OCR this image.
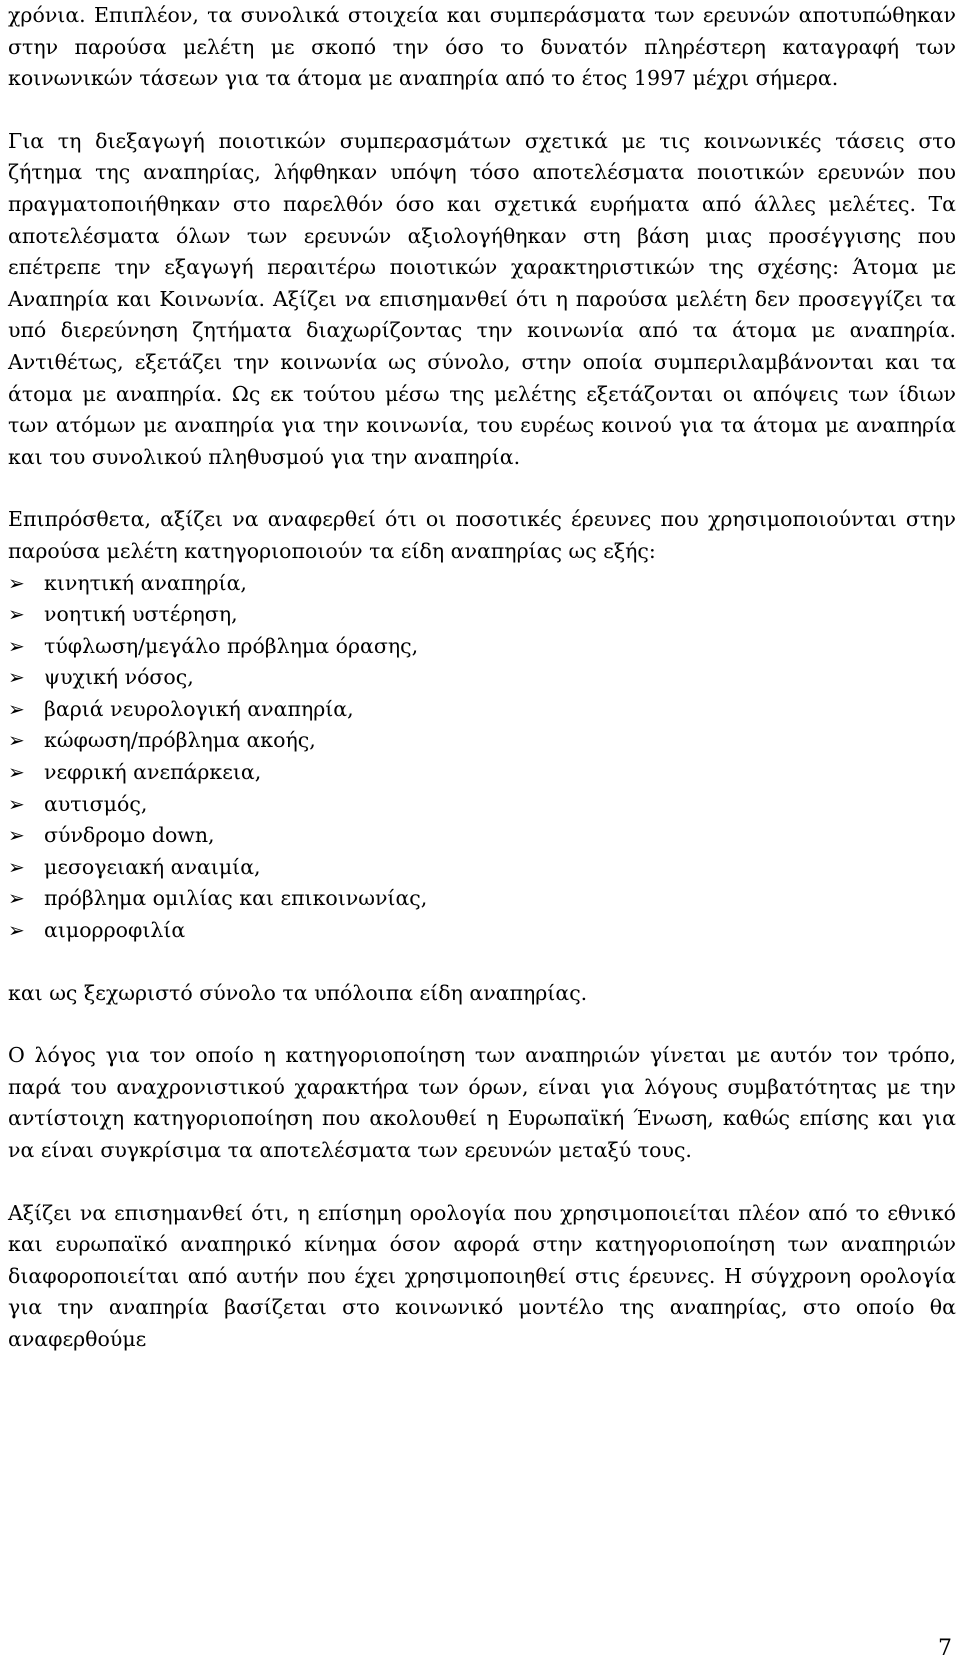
χρόνια. Επιπλέον, τα συνολικά στοιχεία και συμπεράσματα των ερευνών αποτυπώθηκαν στην παρούσα μελέτη με σκοπό την όσο το δυνατόν πληρέστερη καταγραφή των κοινωνικών τάσεων για τα άτομα με αναπηρία από το έτος 1997 μέχρι σήμερα.

Για τη διεξαγωγή ποιοτικών συμπερασμάτων σχετικά με τις κοινωνικές τάσεις στο ζήτημα της αναπηρίας, λήφθηκαν υπόψη τόσο αποτελέσματα ποιοτικών ερευνών που πραγματοποιήθηκαν στο παρελθόν όσο και σχετικά ευρήματα από άλλες μελέτες. Τα αποτελέσματα όλων των ερευνών αξιολογήθηκαν στη βάση μιας προσέγγισης που επέτρεπε την εξαγωγή περαιτέρω ποιοτικών χαρακτηριστικών της σχέσης: Άτομα με Αναπηρία και Κοινωνία. Αξίζει να επισημανθεί ότι η παρούσα μελέτη δεν προσεγγίζει τα υπό διερεύνηση ζητήματα διαχωρίζοντας την κοινωνία από τα άτομα με αναπηρία. Αντιθέτως, εξετάζει την κοινωνία ως σύνολο, στην οποία συμπεριλαμβάνονται και τα άτομα με αναπηρία. Ως εκ τούτου μέσω της μελέτης εξετάζονται οι απόψεις των ίδιων των ατόμων με αναπηρία για την κοινωνία, του ευρέως κοινού για τα άτομα με αναπηρία και του συνολικού πληθυσμού για την αναπηρία.

Επιπρόσθετα, αξίζει να αναφερθεί ότι οι ποσοτικές έρευνες που χρησιμοποιούνται στην παρούσα μελέτη κατηγοριοποιούν τα είδη αναπηρίας ως εξής:

➢ κινητική αναπηρία,
➢ νοητική υστέρηση,
➢ τύφλωση/μεγάλο πρόβλημα όρασης,
➢ ψυχική νόσος,
➢ βαριά νευρολογική αναπηρία,
➢ κώφωση/πρόβλημα ακοής,
➢ νεφρική ανεπάρκεια,
➢ αυτισμός,
➢ σύνδρομο down,
➢ μεσογειακή αναιμία,
➢ πρόβλημα ομιλίας και επικοινωνίας,
➢ αιμορροφιλία

και ως ξεχωριστό σύνολο τα υπόλοιπα είδη αναπηρίας.

Ο λόγος για τον οποίο η κατηγοριοποίηση των αναπηριών γίνεται με αυτόν τον τρόπο, παρά του αναχρονιστικού χαρακτήρα των όρων, είναι για λόγους συμβατότητας με την αντίστοιχη κατηγοριοποίηση που ακολουθεί η Ευρωπαϊκή Ένωση, καθώς επίσης και για να είναι συγκρίσιμα τα αποτελέσματα των ερευνών μεταξύ τους.

Αξίζει να επισημανθεί ότι, η επίσημη ορολογία που χρησιμοποιείται πλέον από το εθνικό και ευρωπαϊκό αναπηρικό κίνημα όσον αφορά στην κατηγοριοποίηση των αναπηριών διαφοροποιείται από αυτήν που έχει χρησιμοποιηθεί στις έρευνες. Η σύγχρονη ορολογία για την αναπηρία βασίζεται στο κοινωνικό μοντέλο της αναπηρίας, στο οποίο θα αναφερθούμε

7
